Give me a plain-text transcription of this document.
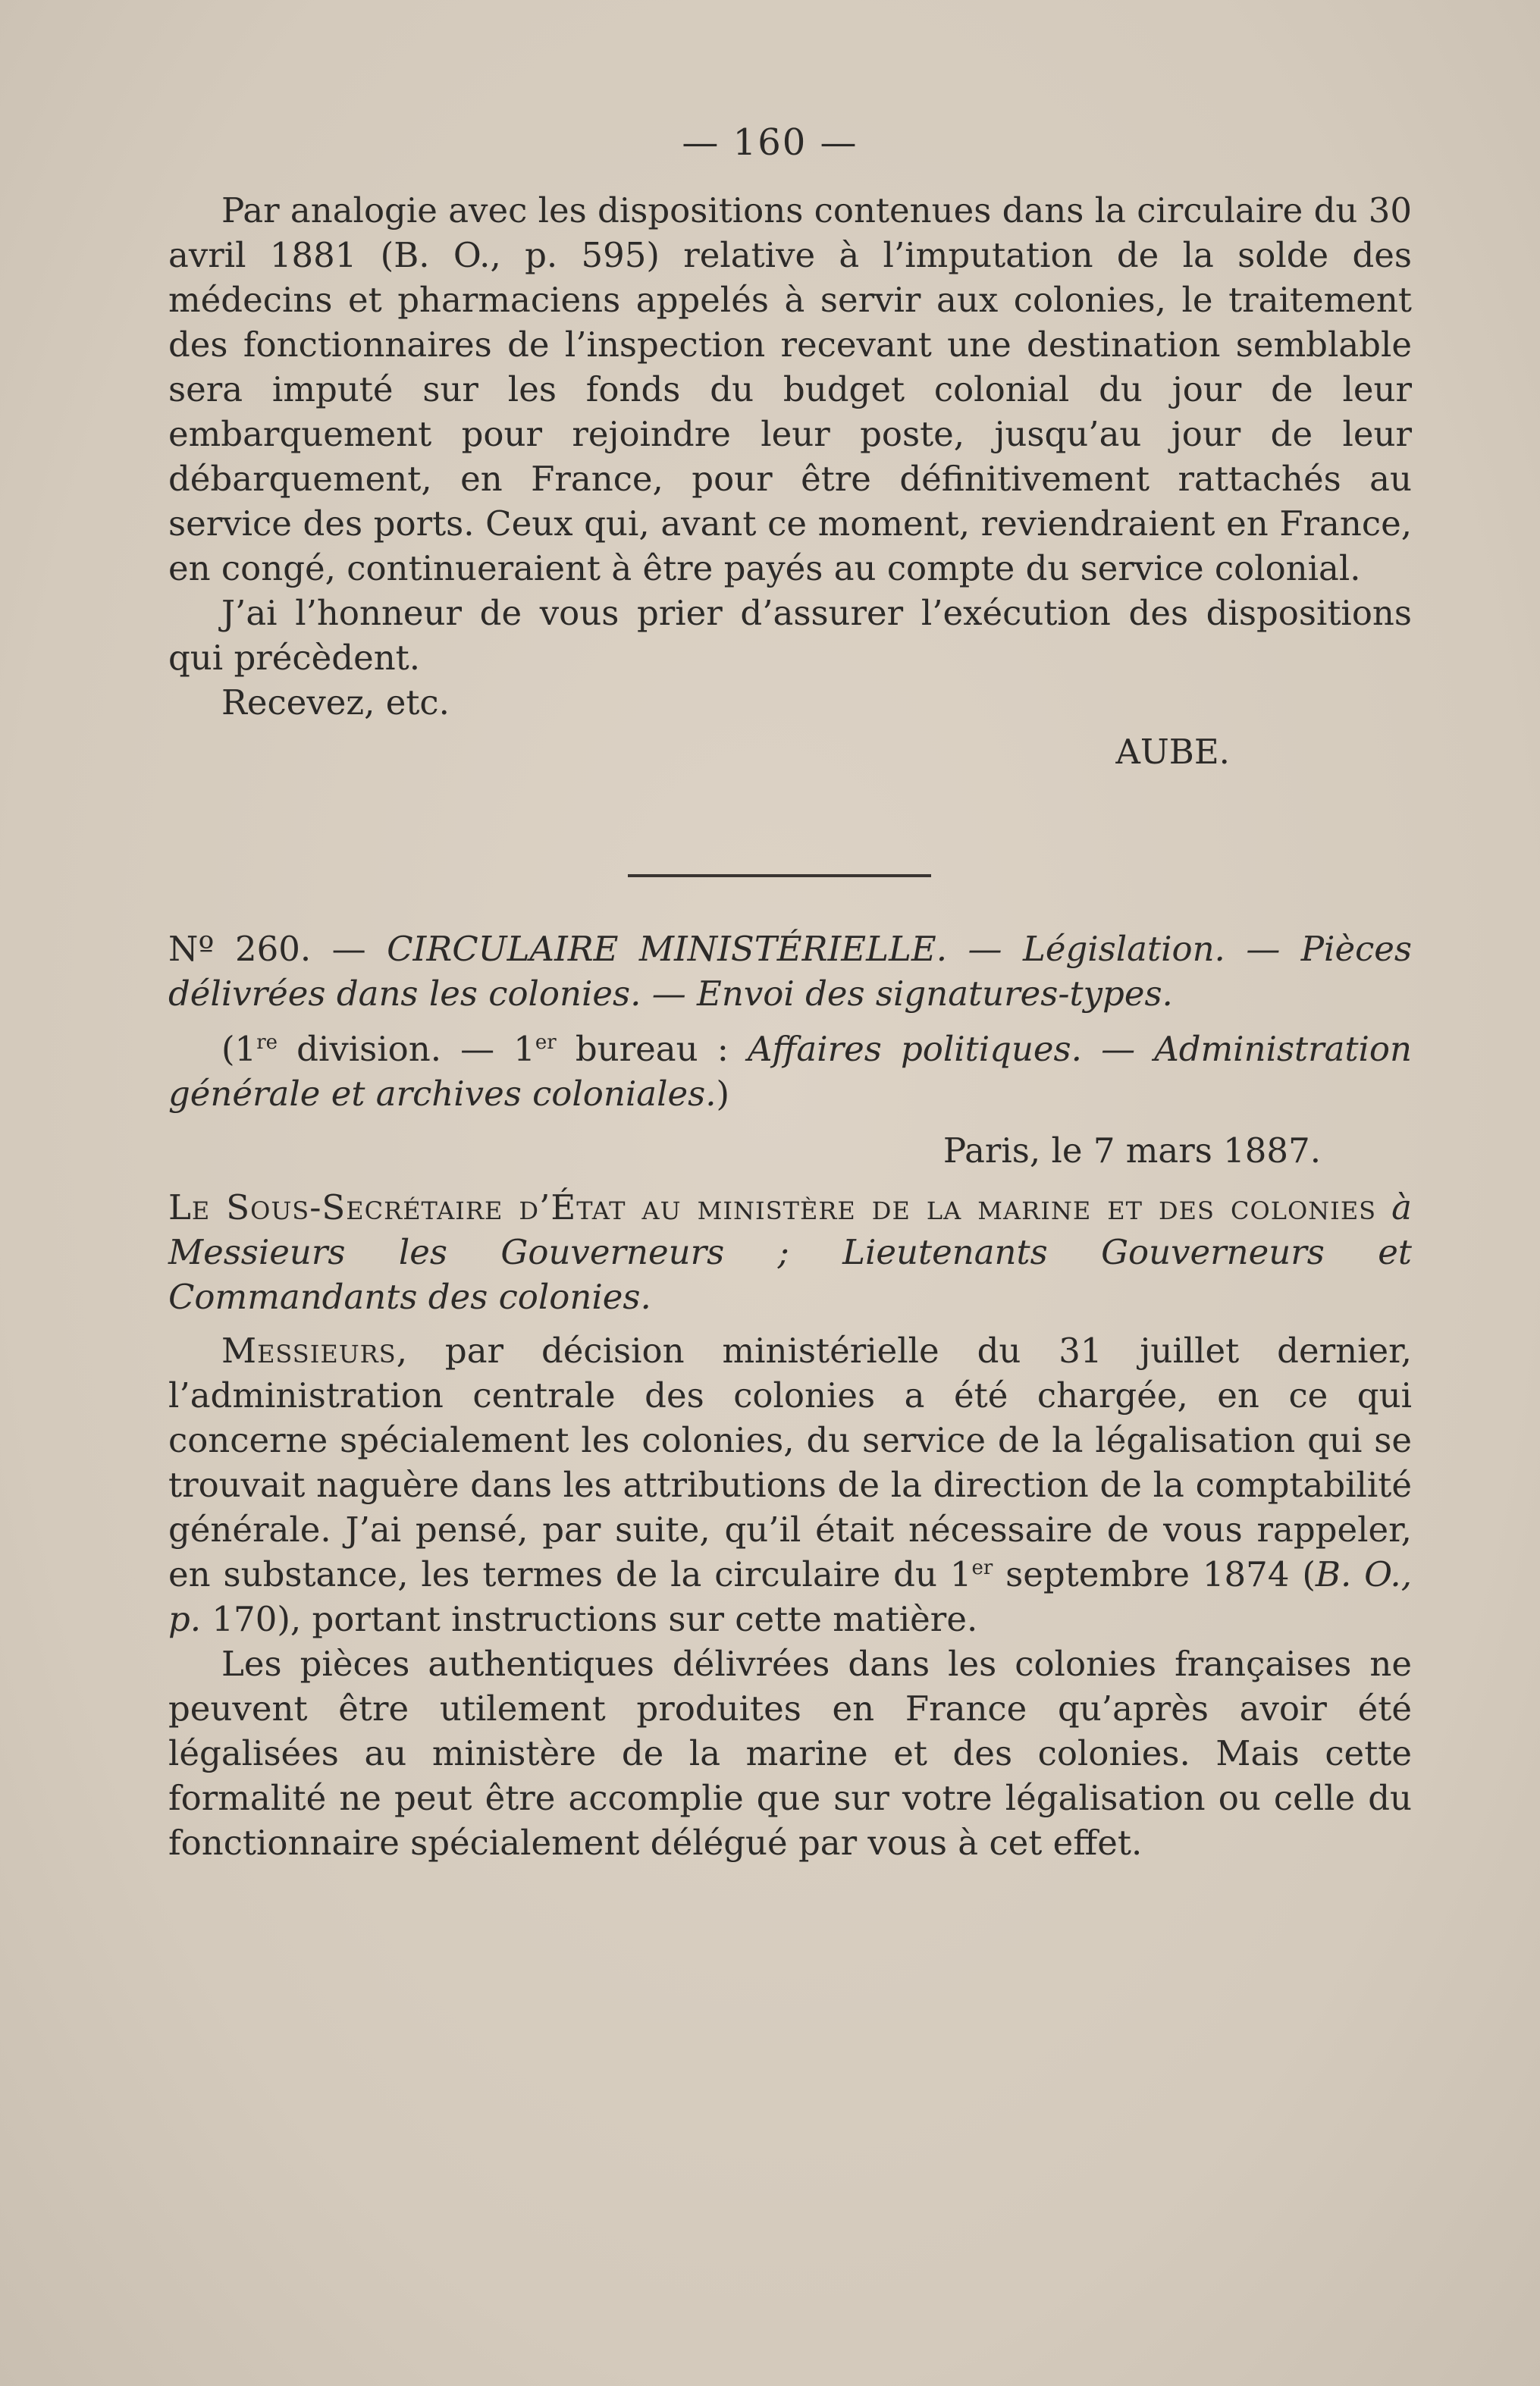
— 160 —

Par analogie avec les dispositions contenues dans la circulaire du 30 avril 1881 (B. O., p. 595) relative à l’imputation de la solde des médecins et pharmaciens appelés à servir aux colonies, le traitement des fonctionnaires de l’inspection recevant une destination semblable sera imputé sur les fonds du budget colonial du jour de leur embarquement pour rejoindre leur poste, jusqu’au jour de leur débarquement, en France, pour être définitivement rattachés au service des ports. Ceux qui, avant ce moment, reviendraient en France, en congé, continueraient à être payés au compte du service colonial.

J’ai l’honneur de vous prier d’assurer l’exécution des dispositions qui précèdent.

Recevez, etc.

AUBE.

Nº 260. — CIRCULAIRE MINISTÉRIELLE. — Législation. — Pièces délivrées dans les colonies. — Envoi des signatures-types.

(1re division. — 1er bureau : Affaires politiques. — Administration générale et archives coloniales.)

Paris, le 7 mars 1887.

Le Sous-Secrétaire d’État au ministère de la marine et des colonies à Messieurs les Gouverneurs ; Lieutenants Gouverneurs et Commandants des colonies.

Messieurs, par décision ministérielle du 31 juillet dernier, l’administration centrale des colonies a été chargée, en ce qui concerne spécialement les colonies, du service de la légalisation qui se trouvait naguère dans les attributions de la direction de la comptabilité générale. J’ai pensé, par suite, qu’il était nécessaire de vous rappeler, en substance, les termes de la circulaire du 1er septembre 1874 (B. O., p. 170), portant instructions sur cette matière.

Les pièces authentiques délivrées dans les colonies françaises ne peuvent être utilement produites en France qu’après avoir été légalisées au ministère de la marine et des colonies. Mais cette formalité ne peut être accomplie que sur votre légalisation ou celle du fonctionnaire spécialement délégué par vous à cet effet.
